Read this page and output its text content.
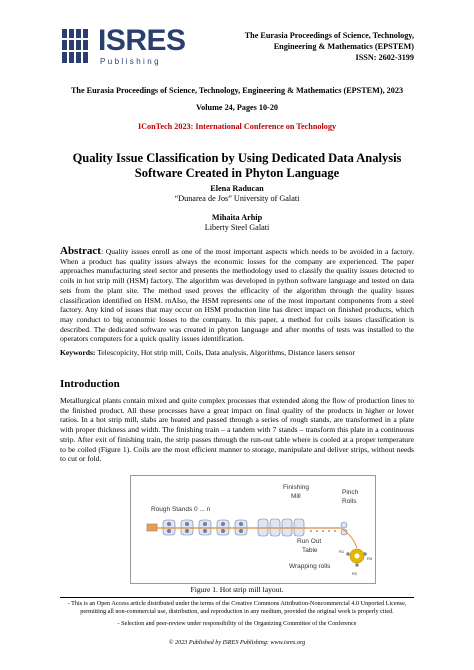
ISRES
Publishing
The Eurasia Proceedings of Science, Technology,
Engineering & Mathematics (EPSTEM)
ISSN: 2602-3199
The Eurasia Proceedings of Science, Technology, Engineering & Mathematics (EPSTEM), 2023
Volume 24, Pages 10-20
IConTech 2023: International Conference on Technology
Quality Issue Classification by Using Dedicated Data Analysis Software Created in Phyton Language
Elena Raducan
“Dunarea de Jos” University of Galati
Mihaita Arhip
Liberty Steel Galati
Abstract: Quality issues enroll as one of the most important aspects which needs to be avoided in a factory. When a product has quality issues always the economic losses for the company are experienced. The paper approaches manufacturing steel sector and presents the methodology used to classify the quality issues detected to coils in hot strip mill (HSM) factory. The algorithm was developed in python software language and tested on data sets from the plant site. The method used proves the efficacity of the algorithm through the quality issues classification identified on HSM. rnAlso, the HSM represents one of the most important components from a steel factory. Any kind of issues that may occur on HSM production line has direct impact on finished products, which may conduct to big economic losses to the company. In this paper, a method for coils issues classification is described. The dedicated software was created in phyton language and after months of tests was installed to the operators computers for a quick quality issues identification.
Keywords: Telescopicity, Hot strip mill, Coils, Data analysis, Algorithms, Distance lasers sensor
Introduction
Metallurgical plants contain mixed and quite complex processes that extended along the flow of production lines to the finished product. All these processes have a great impact on final quality of the products in higher or lower ratios. In a hot strip mill, slabs are heated and passed through a series of rough stands, are transformed in a plate with proper thickness and width. The finishing train – a tandem with 7 stands – transform this plate in a continuous strip. After exit of finishing train, the strip passes through the run-out table where is cooled at a proper temperature to be coiled (Figure 1). Coils are the most efficient manner to storage, manipulate and deliver strips, without needs to cut or fold.
Rough Stands 0 ... n
Finishing
Mill
Pinch
Rolls
Run Out
Table
Wrapping rolls
R1
R3
R2
Figure 1. Hot strip mill layout.
- This is an Open Access article distributed under the terms of the Creative Commons Attribution-Noncommercial 4.0 Unported License,
permitting all non-commercial use, distribution, and reproduction in any medium, provided the original work is properly cited.
- Selection and peer-review under responsibility of the Organizing Committee of the Conference
© 2023 Published by ISRES Publishing: www.isres.org
